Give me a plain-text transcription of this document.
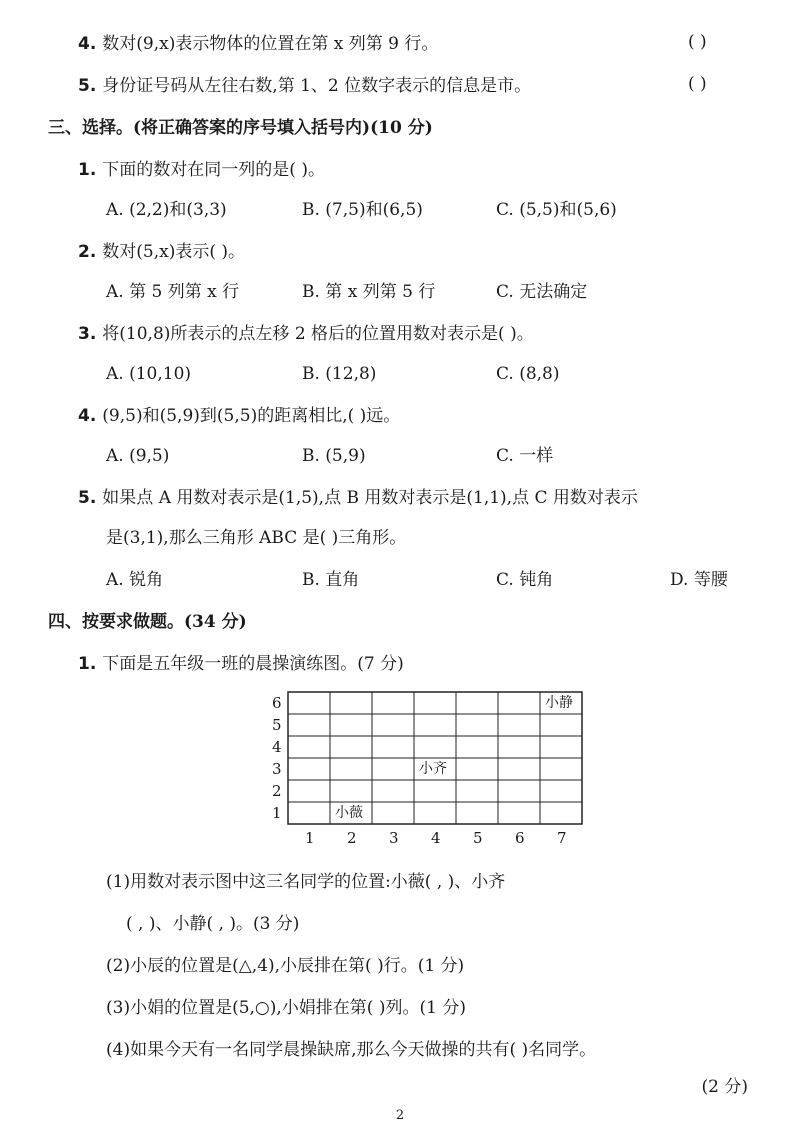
4. 数对(9,x)表示物体的位置在第 x 列第 9 行。	( )
5. 身份证号码从左往右数,第 1、2 位数字表示的信息是市。	( )
三、选择。(将正确答案的序号填入括号内)(10 分)
1. 下面的数对在同一列的是( )。
A. (2,2)和(3,3)	B. (7,5)和(6,5)	C. (5,5)和(5,6)
2. 数对(5,x)表示( )。
A. 第 5 列第 x 行	B. 第 x 列第 5 行	C. 无法确定
3. 将(10,8)所表示的点左移 2 格后的位置用数对表示是( )。
A. (10,10)	B. (12,8)	C. (8,8)
4. (9,5)和(5,9)到(5,5)的距离相比,( )远。
A. (9,5)	B. (5,9)	C. 一样
5. 如果点 A 用数对表示是(1,5),点 B 用数对表示是(1,1),点 C 用数对表示
是(3,1),那么三角形 ABC 是( )三角形。
A. 锐角	B. 直角	C. 钝角	D. 等腰
四、按要求做题。(34 分)
1. 下面是五年级一班的晨操演练图。(7 分)
6
5
4
3
2
1
1 2 3 4 5 6 7
小薇
小齐
小静
(1)用数对表示图中这三名同学的位置:小薇( , )、小齐
( , )、小静( , )。(3 分)
(2)小辰的位置是(△,4),小辰排在第( )行。(1 分)
(3)小娟的位置是(5,○),小娟排在第( )列。(1 分)
(4)如果今天有一名同学晨操缺席,那么今天做操的共有( )名同学。
(2 分)
2
